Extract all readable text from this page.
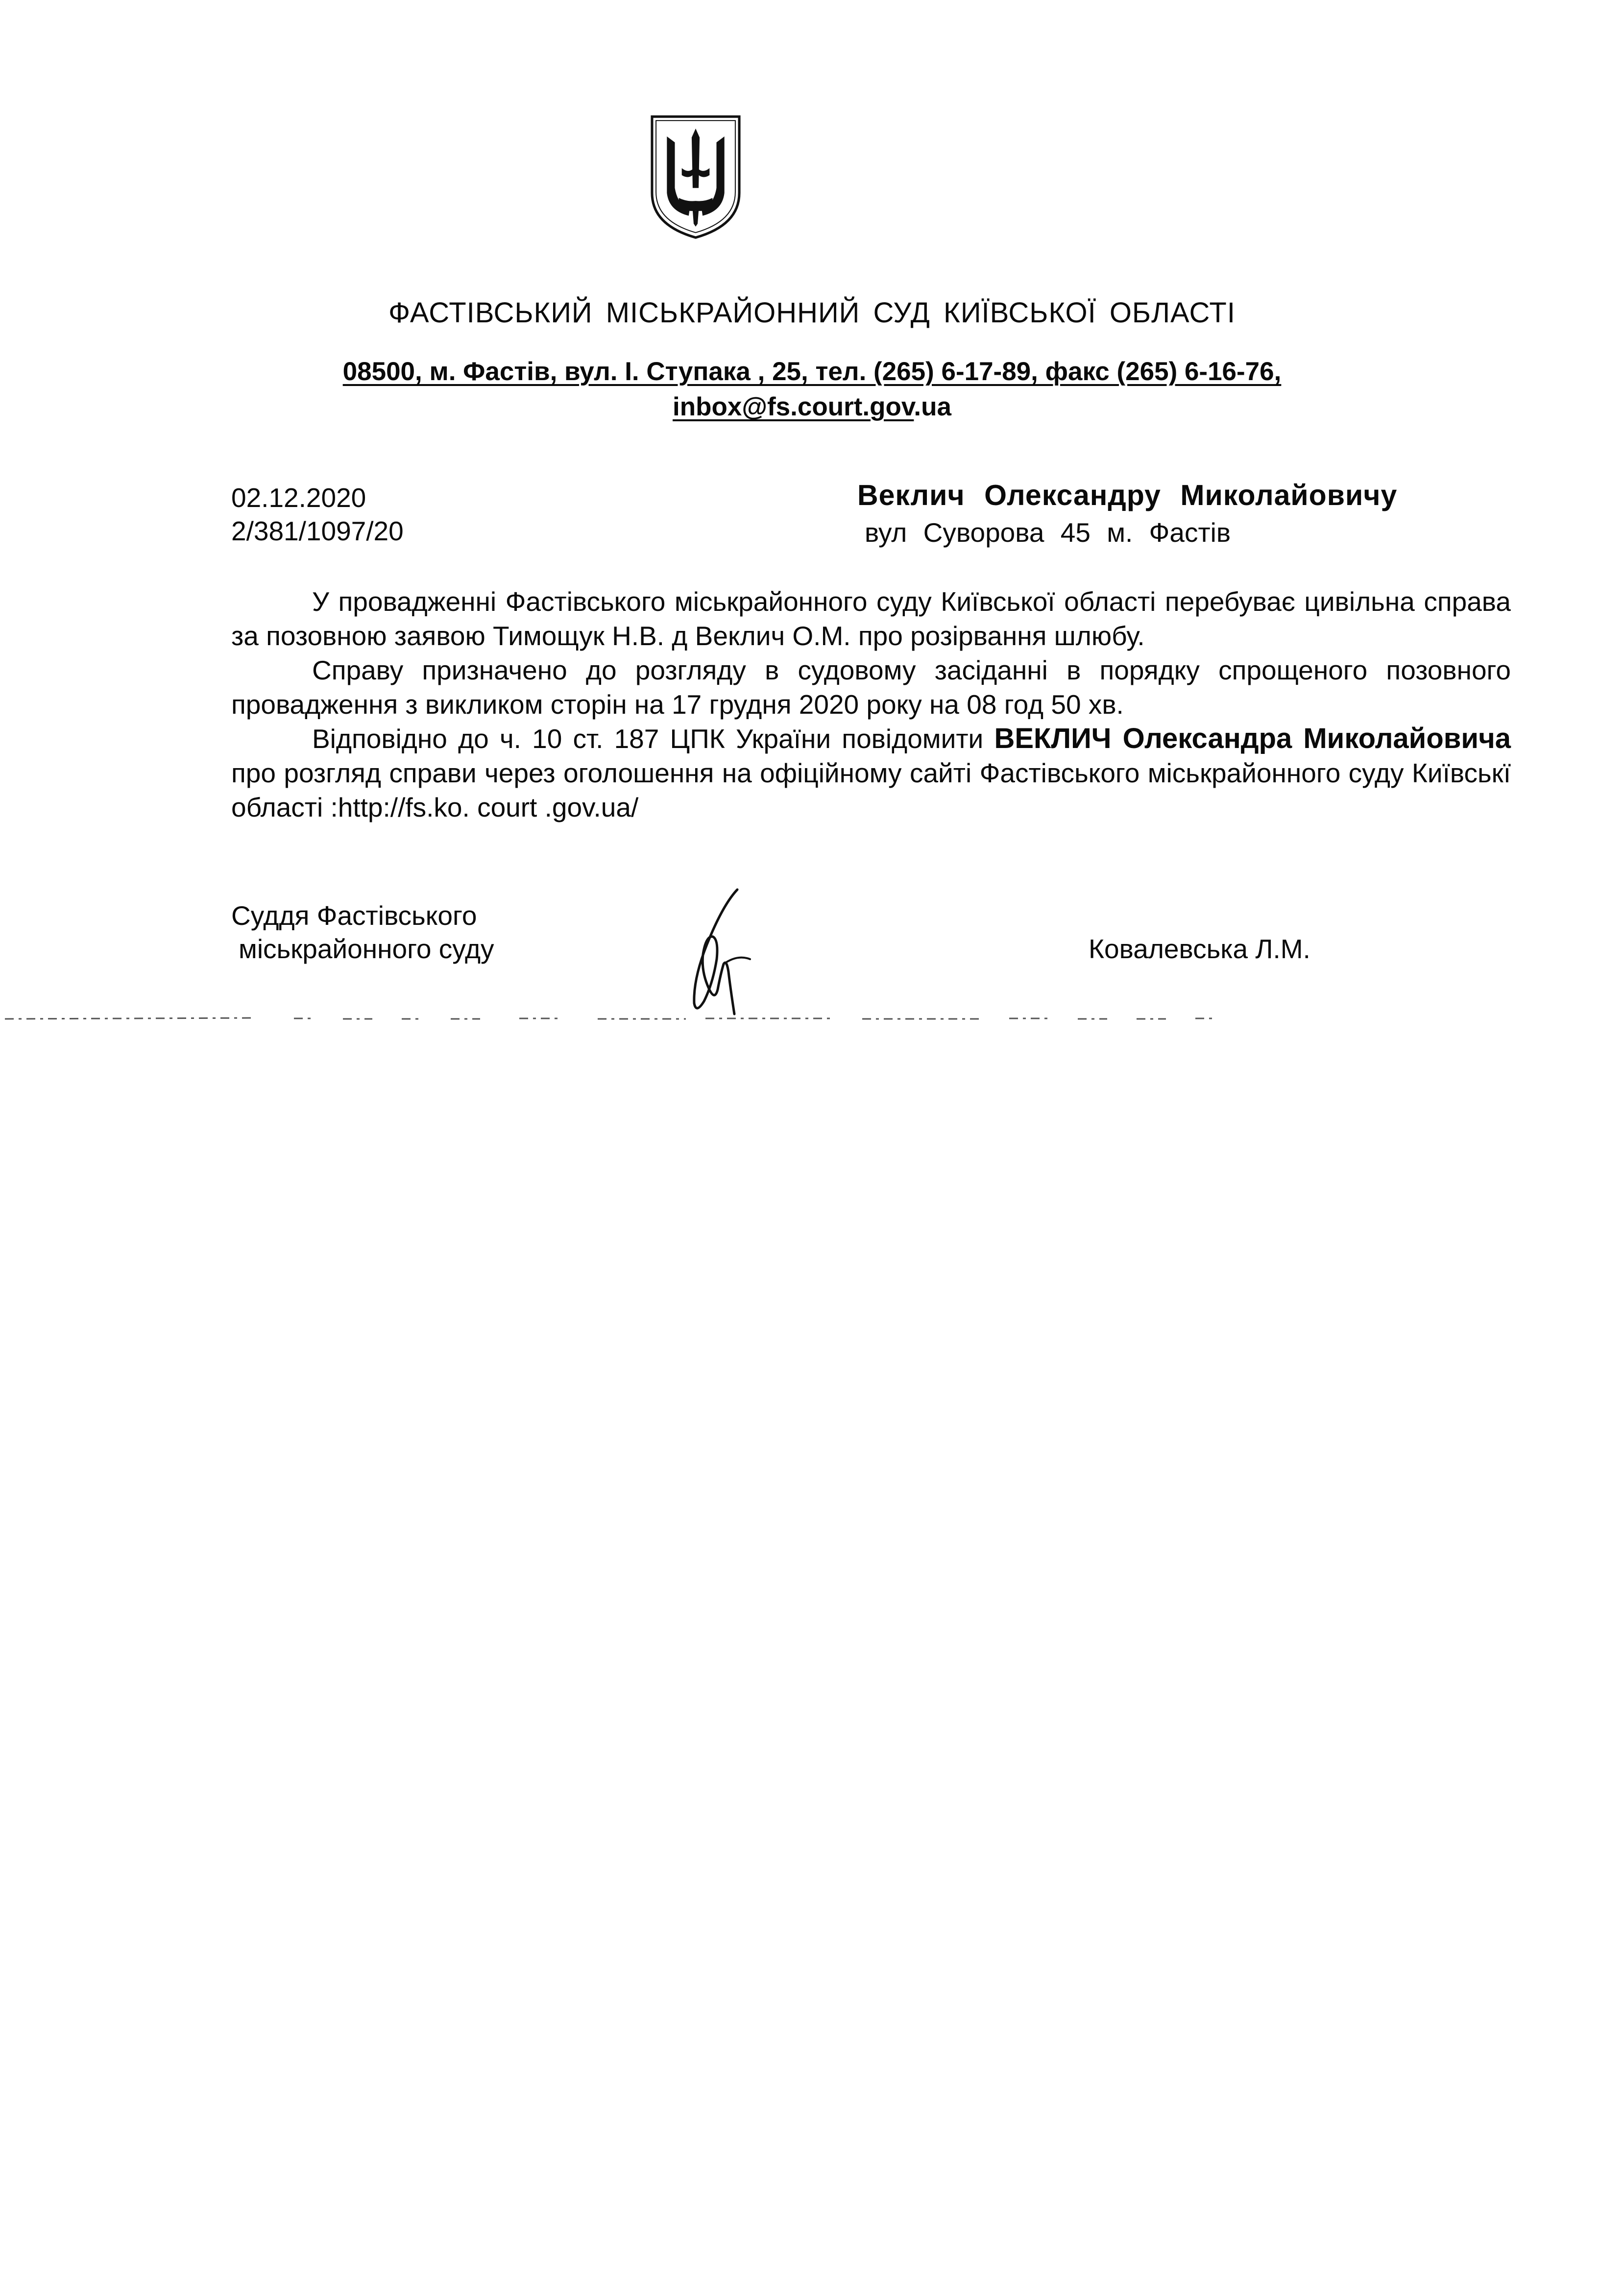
ФАСТІВСЬКИЙ МІСЬКРАЙОННИЙ СУД КИЇВСЬКОЇ ОБЛАСТІ
08500, м. Фастів, вул. І. Ступака , 25, тел. (265) 6-17-89, факс (265) 6-16-76,
inbox@fs.court.gov.ua
02.12.2020
2/381/1097/20
Веклич Олександру Миколайовичу
вул Суворова 45 м. Фастів

У провадженні Фастівського міськрайонного суду Київської області перебуває цивільна справа за позовною заявою Тимощук Н.В. д Веклич О.М. про розірвання шлюбу.

Справу призначено до розгляду в судовому засіданні в порядку спрощеного позовного провадження з викликом сторін на 17 грудня 2020 року на 08 год 50 хв.

Відповідно до ч. 10 ст. 187 ЦПК України повідомити ВЕКЛИЧ Олександра Миколайовича про розгляд справи через оголошення на офіційному сайті Фастівського міськрайонного суду Київськї області :http://fs.ko. court .gov.ua/

Суддя Фастівського
міськрайонного суду	Ковалевська Л.М.
